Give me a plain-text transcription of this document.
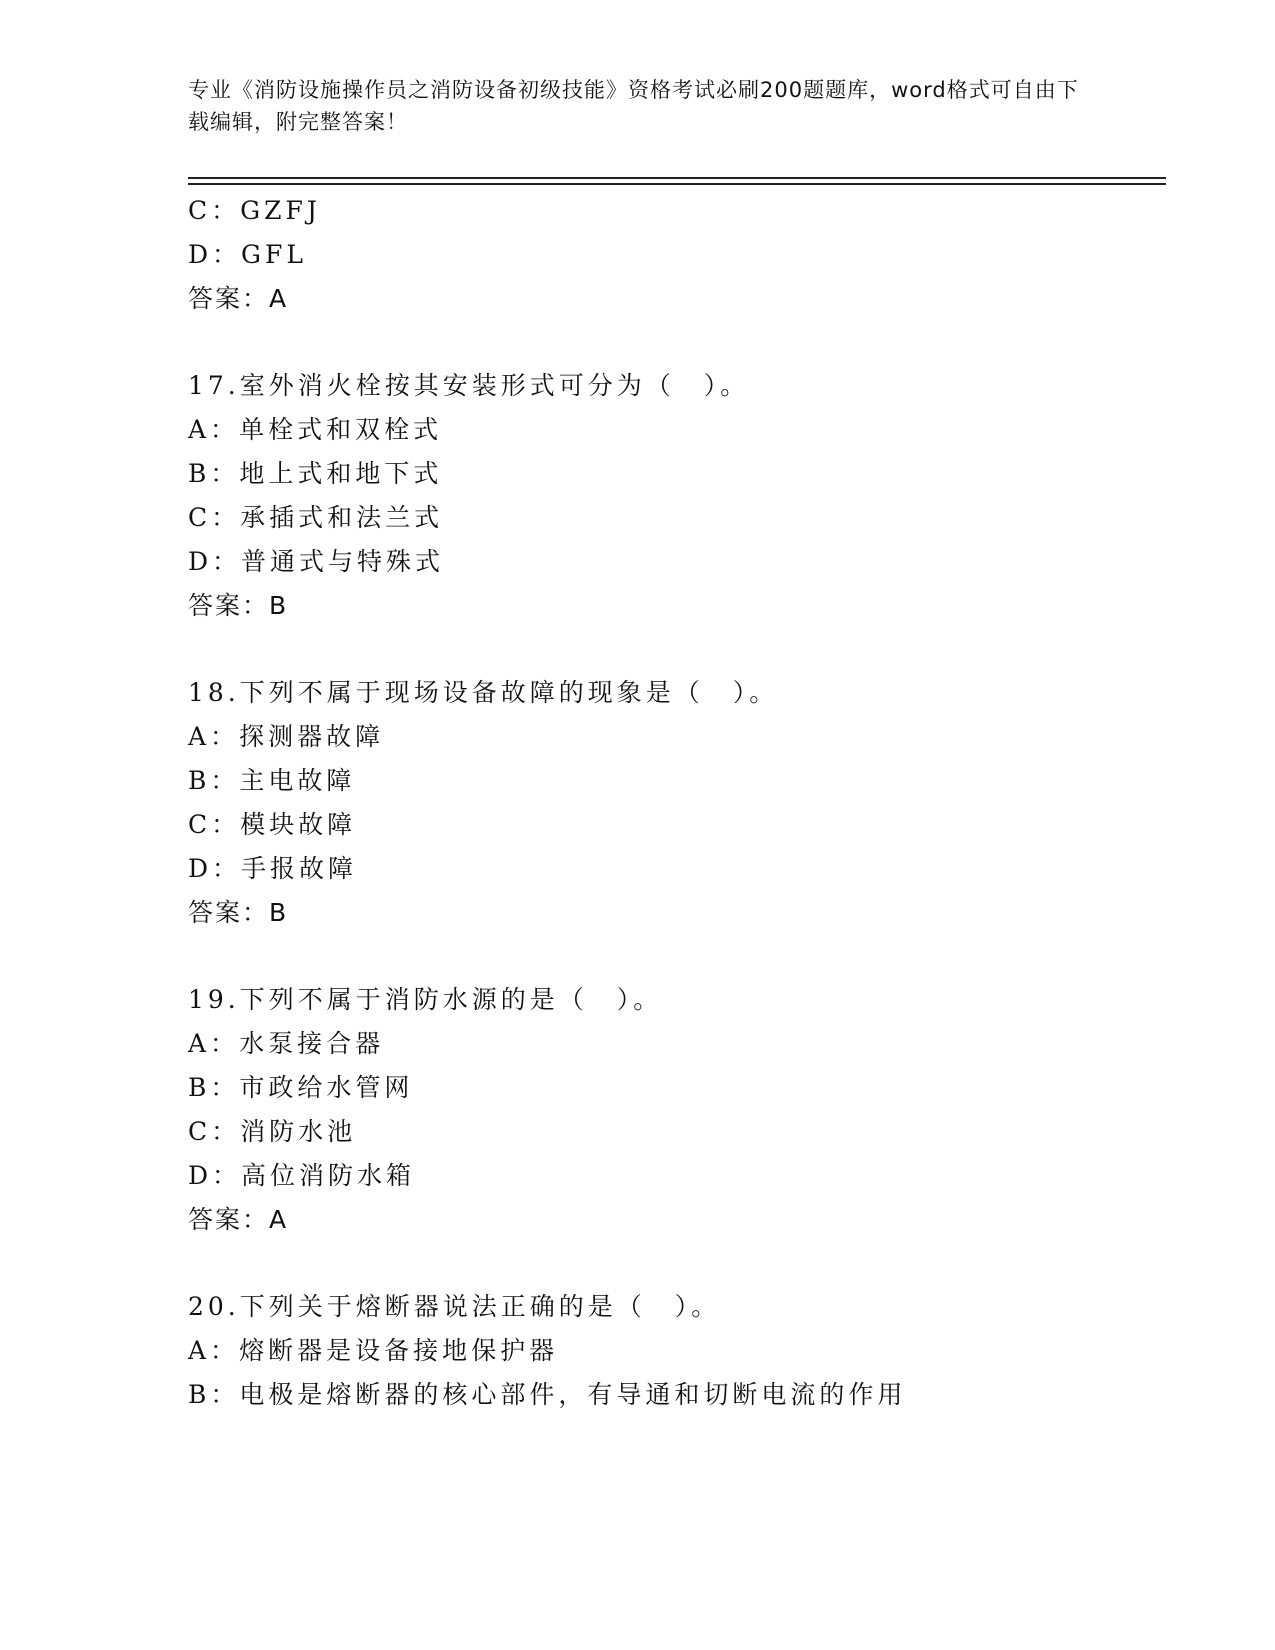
专业《消防设施操作员之消防设备初级技能》资格考试必刷200题题库，word格式可自由下载编辑，附完整答案！
C：GZFJ
D：GFL
答案：A
17.室外消火栓按其安装形式可分为（　）。
A：单栓式和双栓式
B：地上式和地下式
C：承插式和法兰式
D：普通式与特殊式
答案：B
18.下列不属于现场设备故障的现象是（　）。
A：探测器故障
B：主电故障
C：模块故障
D：手报故障
答案：B
19.下列不属于消防水源的是（　）。
A：水泵接合器
B：市政给水管网
C：消防水池
D：高位消防水箱
答案：A
20.下列关于熔断器说法正确的是（　）。
A：熔断器是设备接地保护器
B：电极是熔断器的核心部件，有导通和切断电流的作用
